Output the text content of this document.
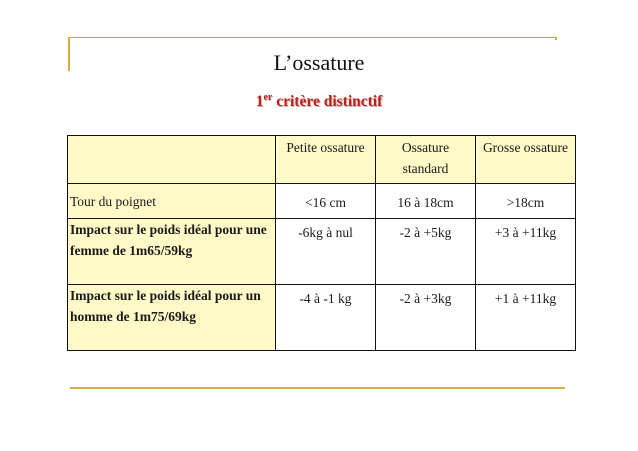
L’ossature
1er critère distinctif
	Petite ossature	Ossature standard	Grosse ossature
Tour du poignet	<16 cm	16 à 18cm	>18cm
Impact sur le poids idéal pour une femme de 1m65/59kg	-6kg à nul	-2 à +5kg	+3 à +11kg
Impact sur le poids idéal pour un homme de 1m75/69kg	-4 à -1 kg	-2 à +3kg	+1 à +11kg
